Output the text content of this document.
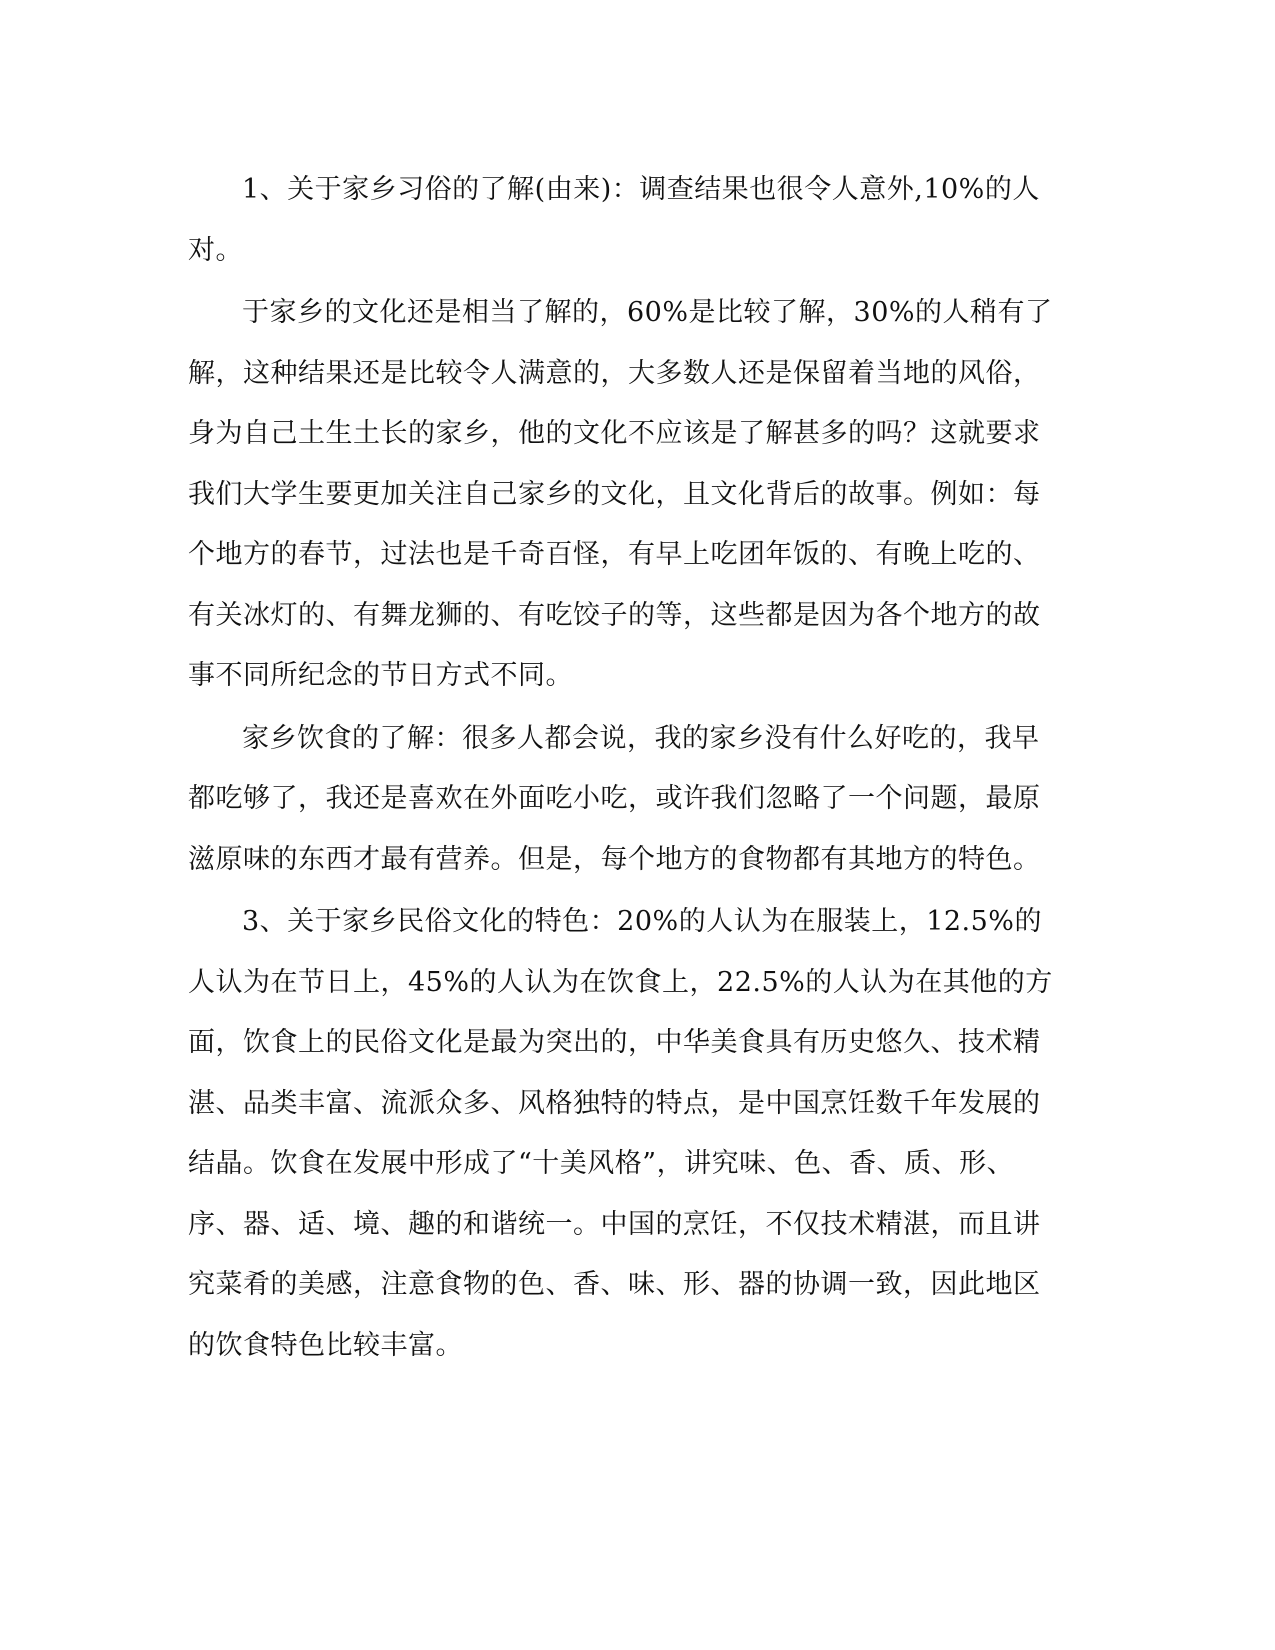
1、关于家乡习俗的了解(由来)：调查结果也很令人意外,10%的人对。

于家乡的文化还是相当了解的，60%是比较了解，30%的人稍有了解，这种结果还是比较令人满意的，大多数人还是保留着当地的风俗，身为自己土生土长的家乡，他的文化不应该是了解甚多的吗？这就要求我们大学生要更加关注自己家乡的文化，且文化背后的故事。例如：每个地方的春节，过法也是千奇百怪，有早上吃团年饭的、有晚上吃的、有关冰灯的、有舞龙狮的、有吃饺子的等，这些都是因为各个地方的故事不同所纪念的节日方式不同。

家乡饮食的了解：很多人都会说，我的家乡没有什么好吃的，我早都吃够了，我还是喜欢在外面吃小吃，或许我们忽略了一个问题，最原滋原味的东西才最有营养。但是，每个地方的食物都有其地方的特色。

3、关于家乡民俗文化的特色：20%的人认为在服装上，12.5%的人认为在节日上，45%的人认为在饮食上，22.5%的人认为在其他的方面，饮食上的民俗文化是最为突出的，中华美食具有历史悠久、技术精湛、品类丰富、流派众多、风格独特的特点，是中国烹饪数千年发展的结晶。饮食在发展中形成了“十美风格”，讲究味、色、香、质、形、序、器、适、境、趣的和谐统一。中国的烹饪，不仅技术精湛，而且讲究菜肴的美感，注意食物的色、香、味、形、器的协调一致，因此地区的饮食特色比较丰富。
